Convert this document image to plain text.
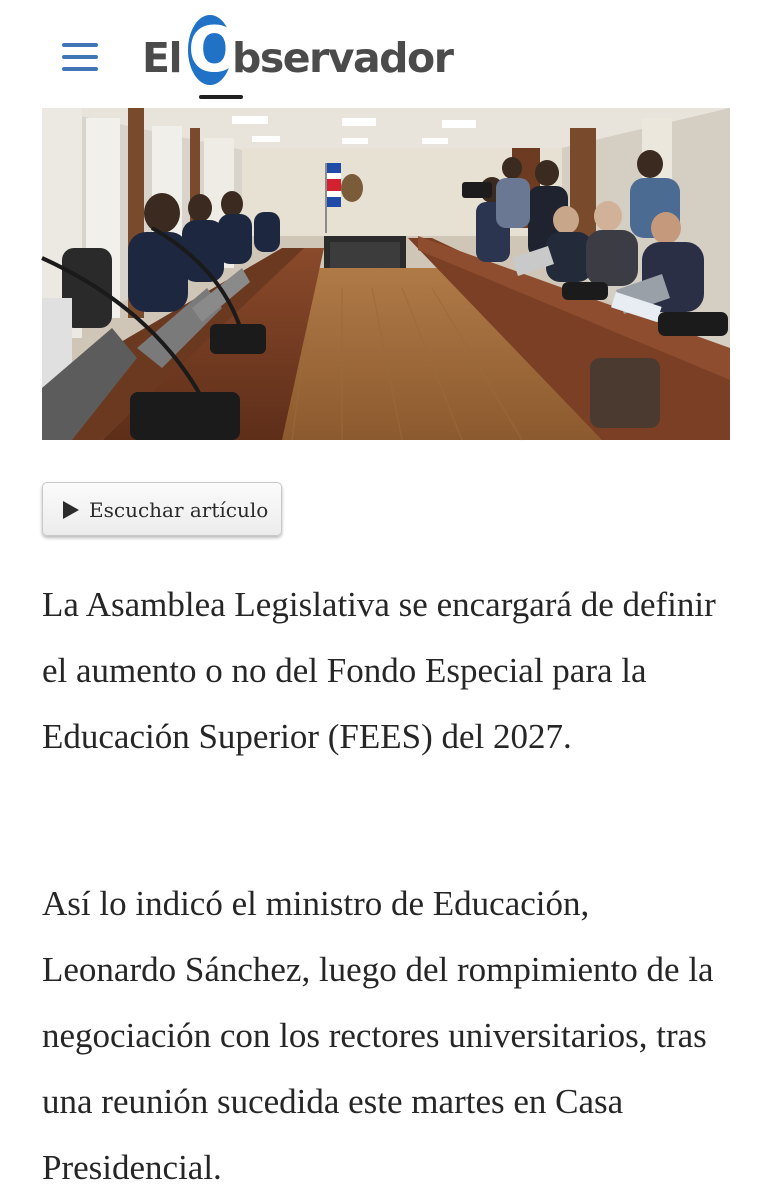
El O
bservador
Escuchar artículo

La Asamblea Legislativa se encargará de definir el aumento o no del Fondo Especial para la Educación Superior (FEES) del 2027.

Así lo indicó el ministro de Educación, Leonardo Sánchez, luego del rompimiento de la negociación con los rectores universitarios, tras una reunión sucedida este martes en Casa Presidencial.
